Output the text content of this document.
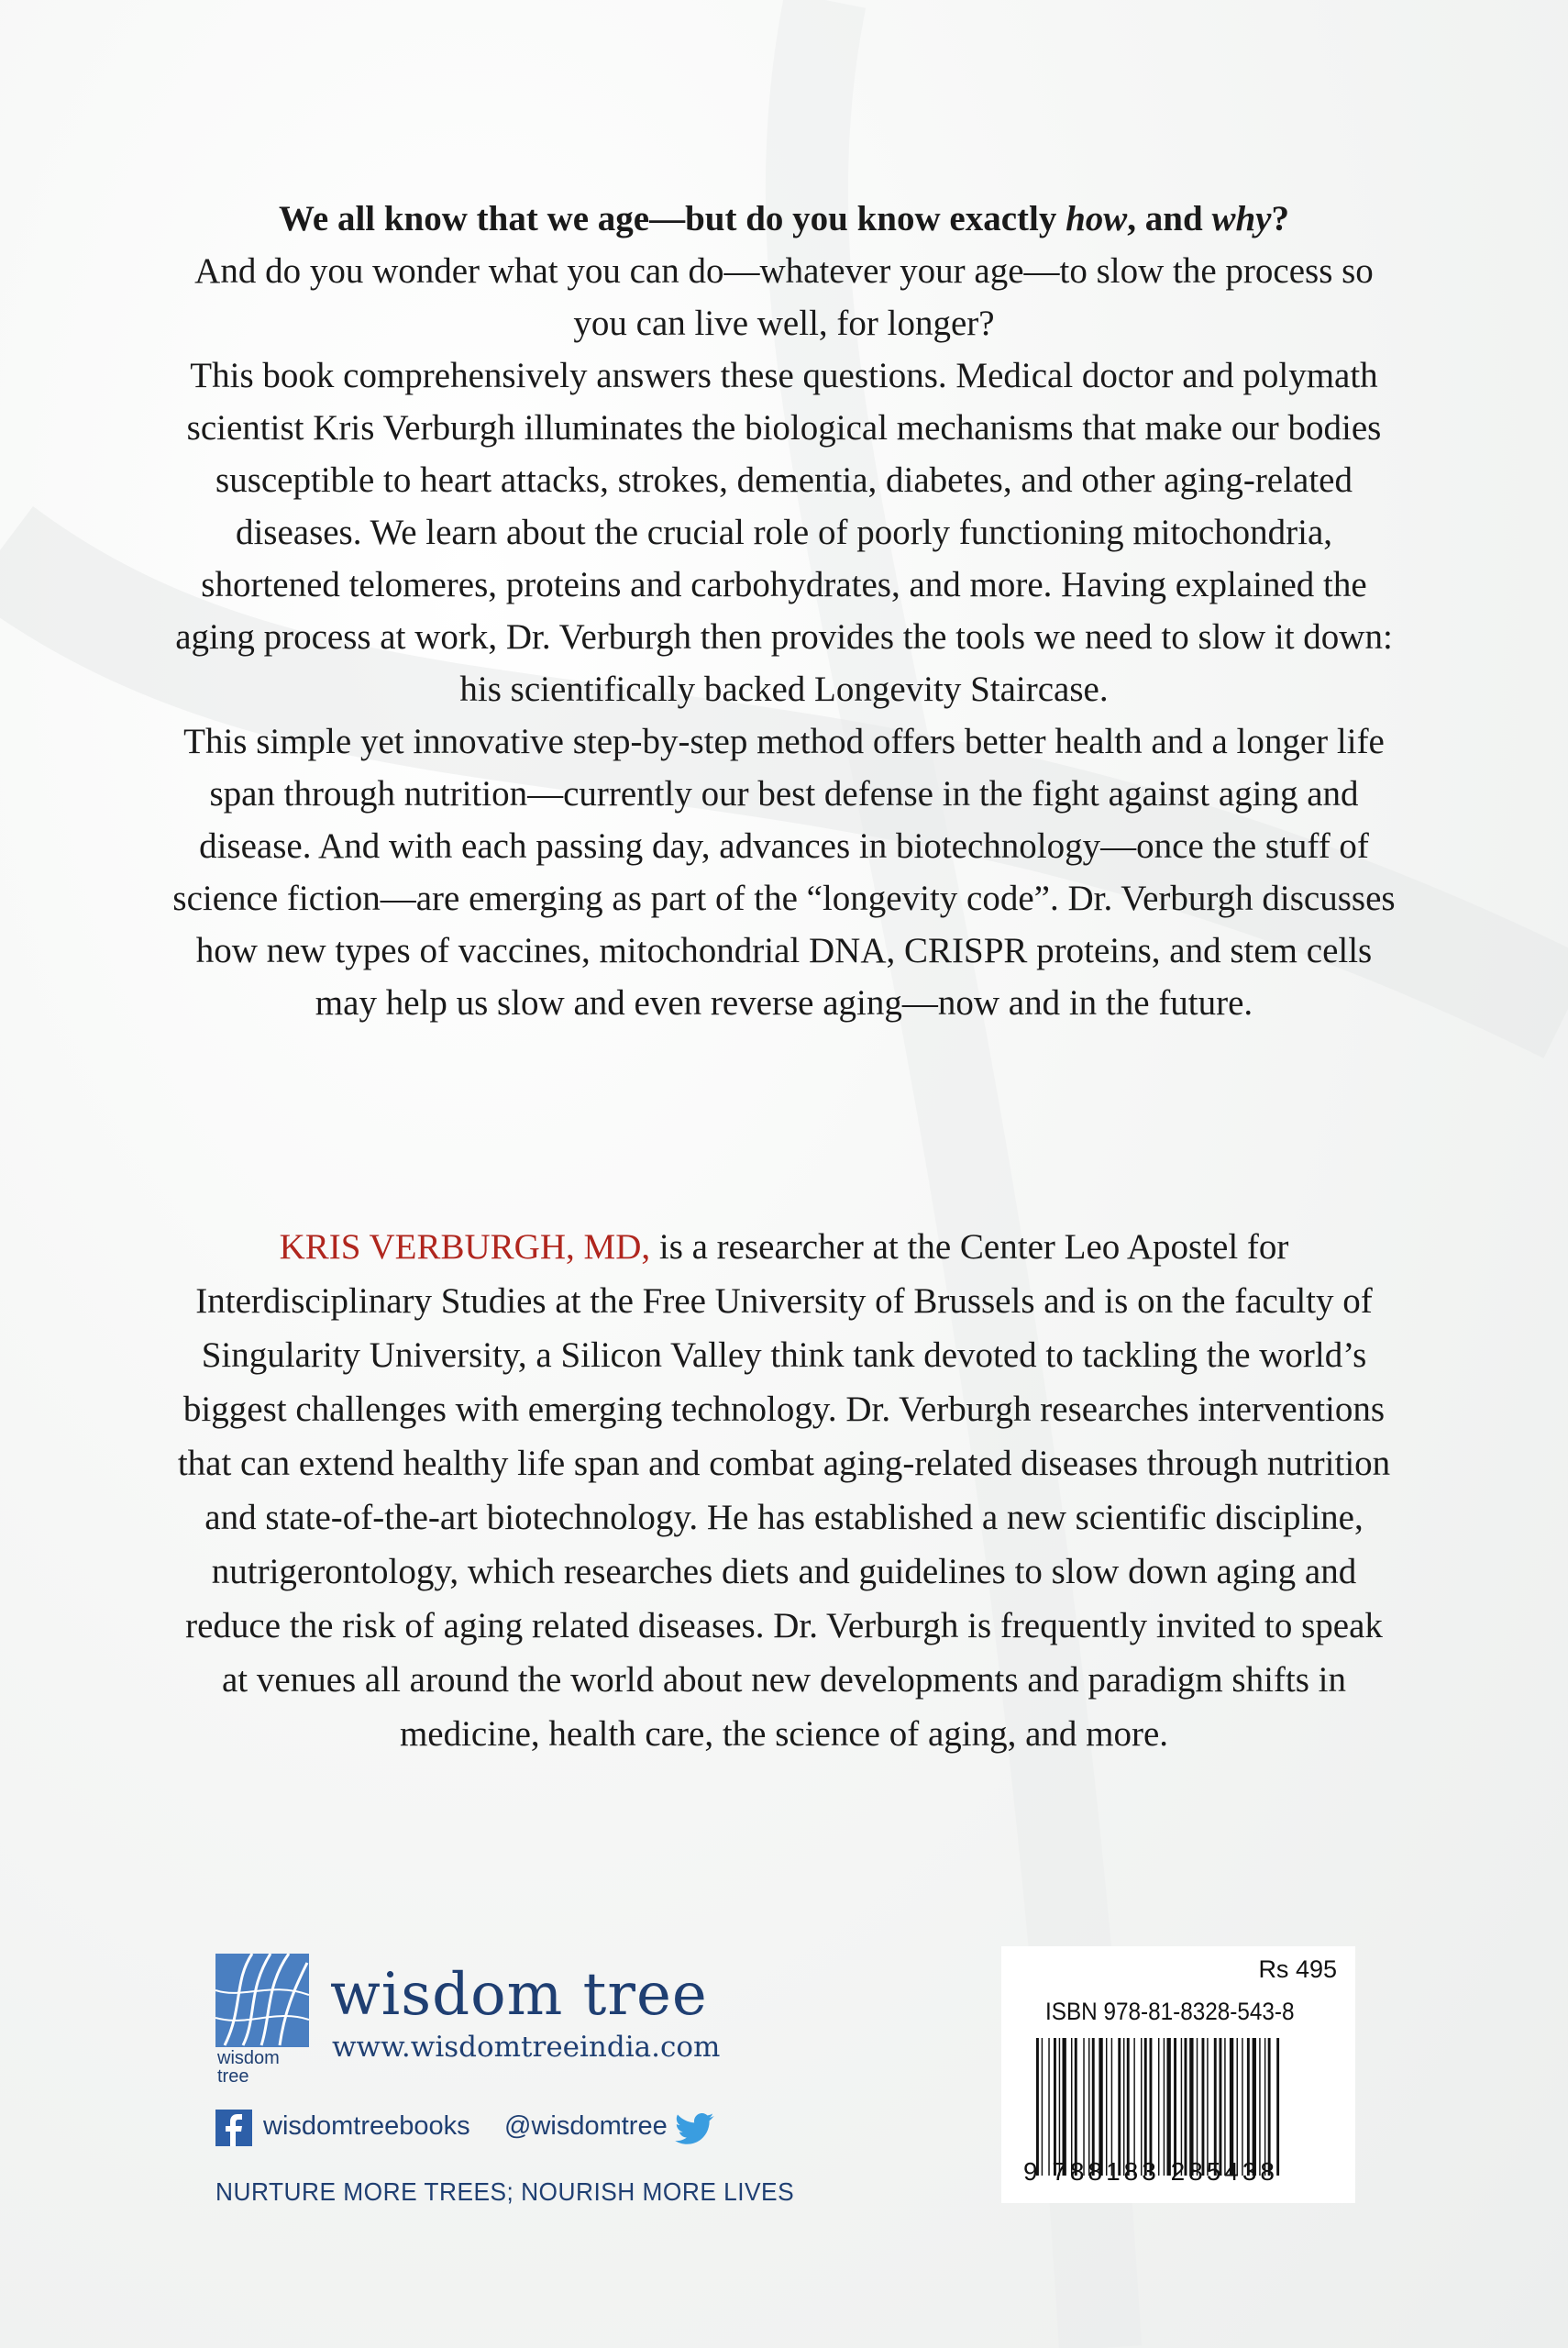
We all know that we age—but do you know exactly how, and why?

And do you wonder what you can do—whatever your age—to slow the process so you can live well, for longer?

This book comprehensively answers these questions. Medical doctor and polymath scientist Kris Verburgh illuminates the biological mechanisms that make our bodies susceptible to heart attacks, strokes, dementia, diabetes, and other aging-related diseases. We learn about the crucial role of poorly functioning mitochondria, shortened telomeres, proteins and carbohydrates, and more. Having explained the aging process at work, Dr. Verburgh then provides the tools we need to slow it down: his scientifically backed Longevity Staircase.

This simple yet innovative step-by-step method offers better health and a longer life span through nutrition—currently our best defense in the fight against aging and disease. And with each passing day, advances in biotechnology—once the stuff of science fiction—are emerging as part of the “longevity code”. Dr. Verburgh discusses how new types of vaccines, mitochondrial DNA, CRISPR proteins, and stem cells may help us slow and even reverse aging—now and in the future.

KRIS VERBURGH, MD, is a researcher at the Center Leo Apostel for Interdisciplinary Studies at the Free University of Brussels and is on the faculty of Singularity University, a Silicon Valley think tank devoted to tackling the world’s biggest challenges with emerging technology. Dr. Verburgh researches interventions that can extend healthy life span and combat aging-related diseases through nutrition and state-of-the-art biotechnology. He has established a new scientific discipline, nutrigerontology, which researches diets and guidelines to slow down aging and reduce the risk of aging related diseases. Dr. Verburgh is frequently invited to speak at venues all around the world about new developments and paradigm shifts in medicine, health care, the science of aging, and more.

wisdom
tree
wisdom tree
www.wisdomtreeindia.com
wisdomtreebooks @wisdomtree
NURTURE MORE TREES; NOURISH MORE LIVES
Rs 495
ISBN 978-81-8328-543-8
9 788183 285438
